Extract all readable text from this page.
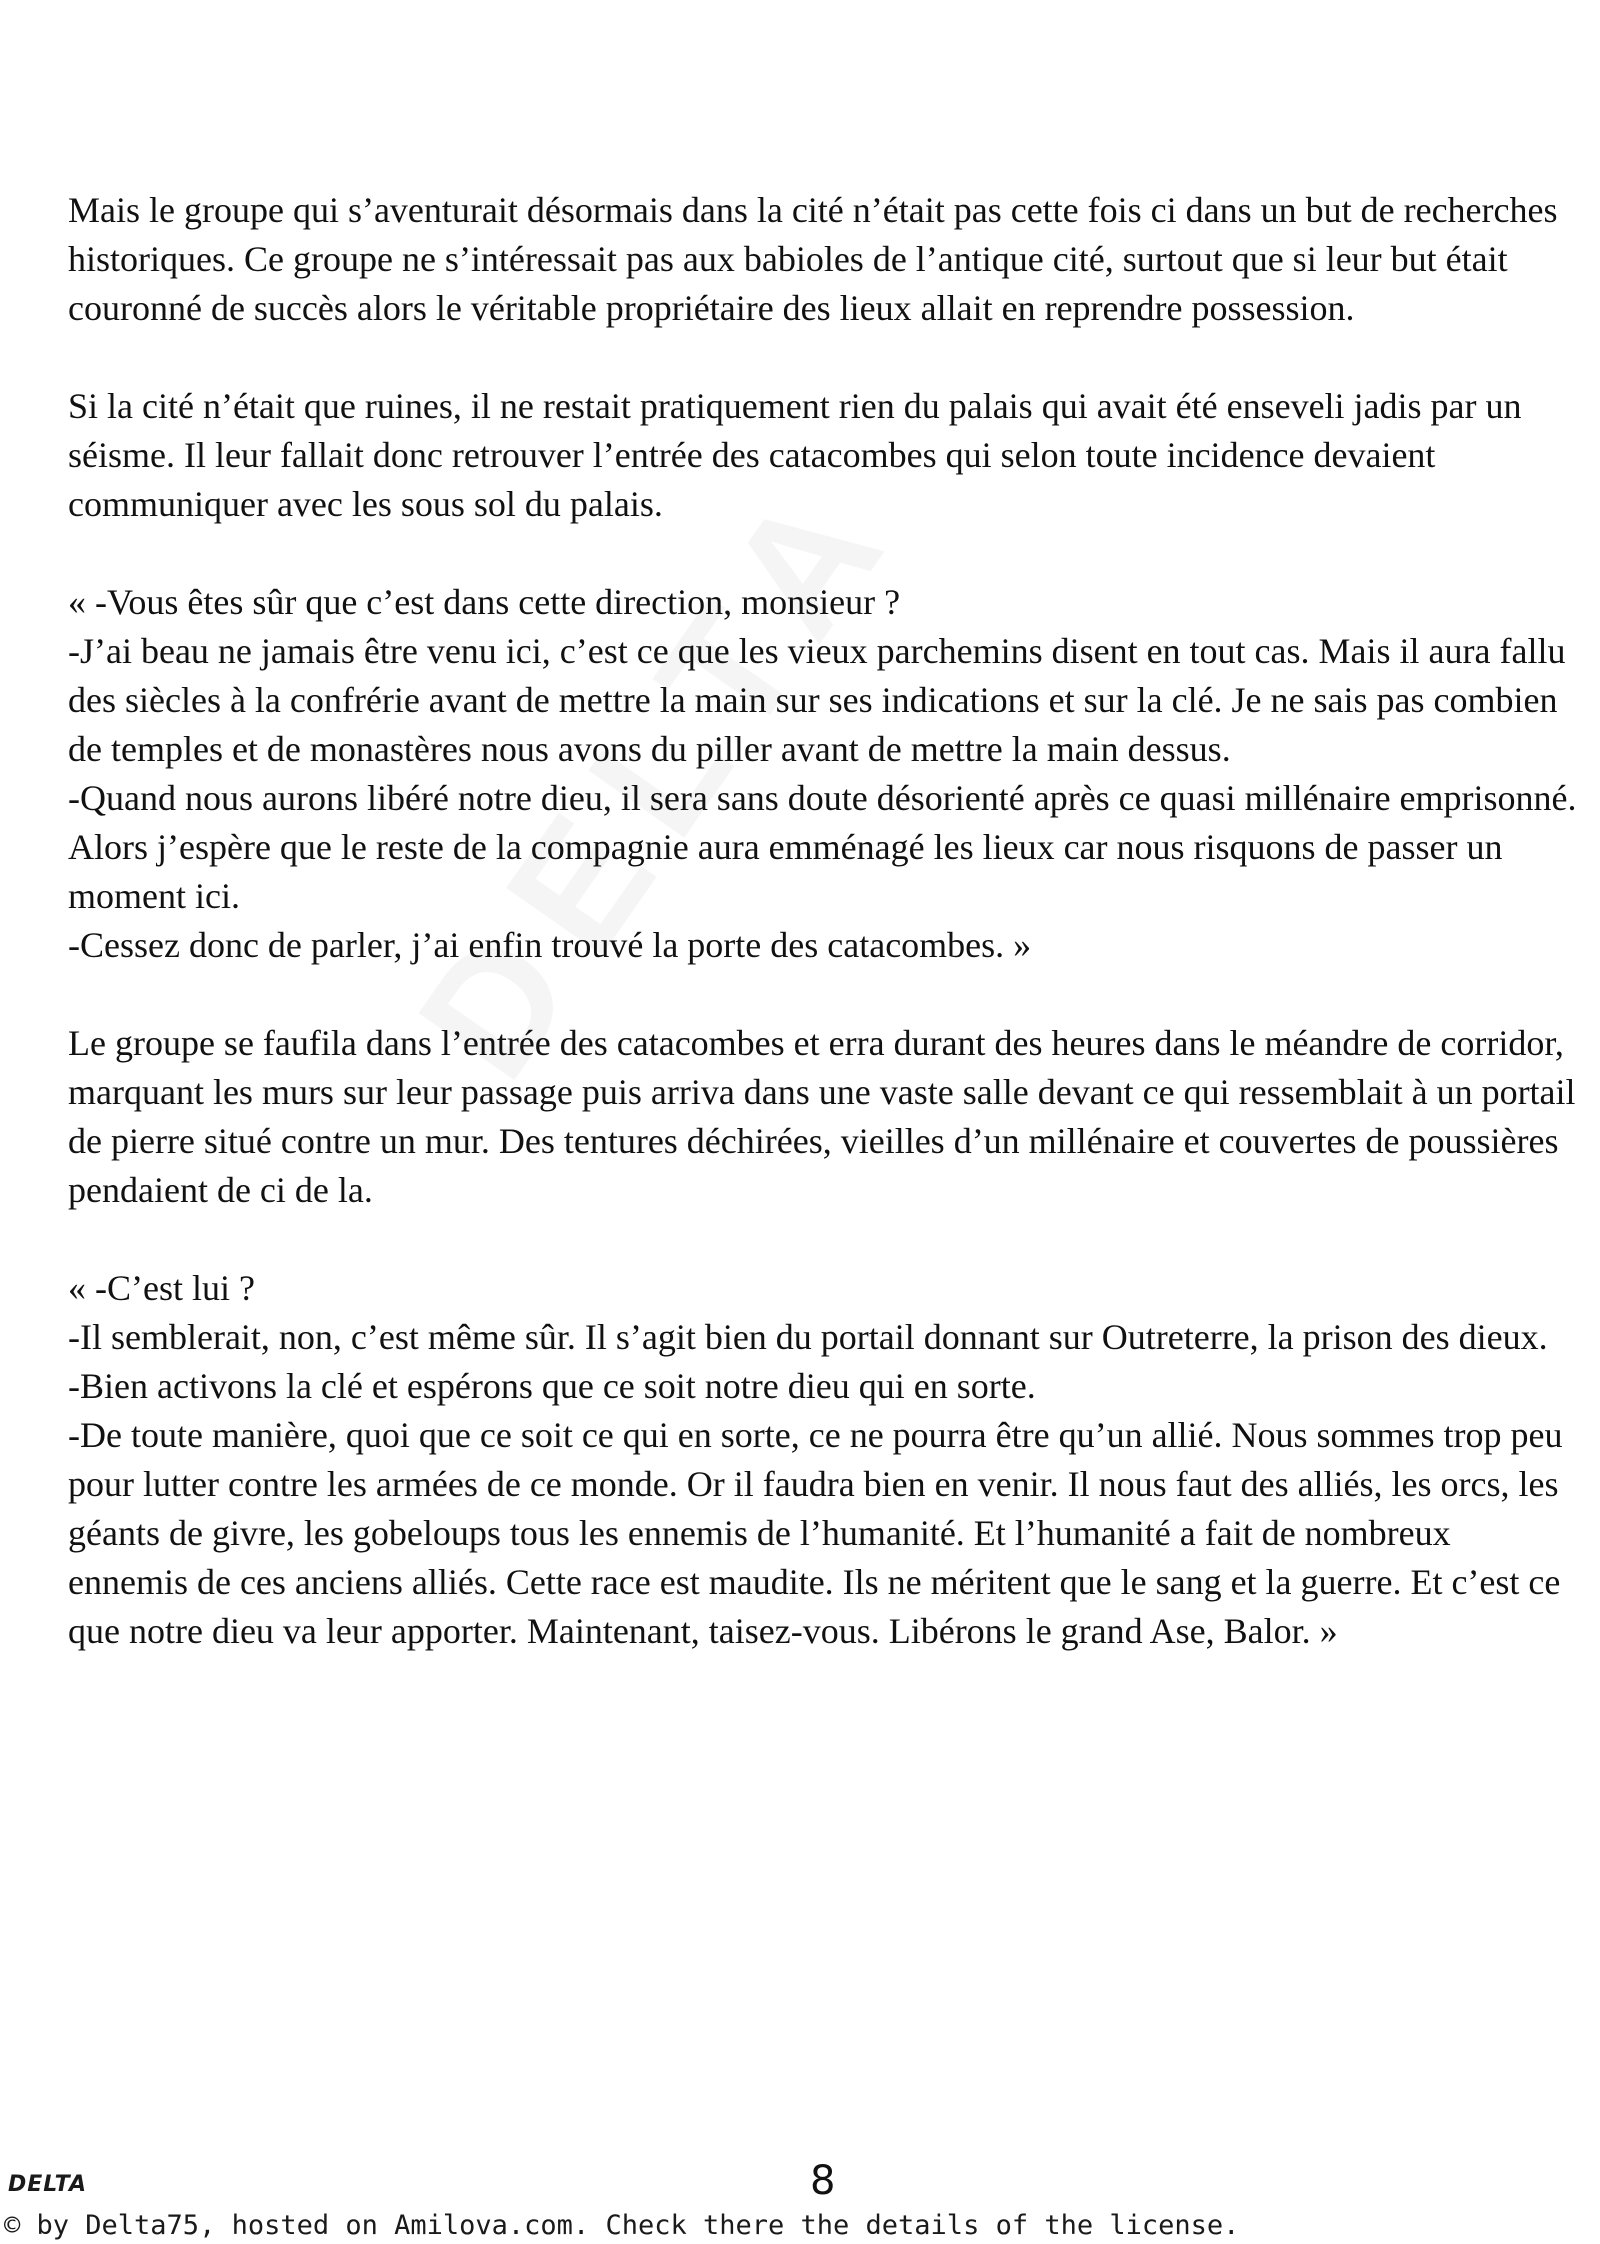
Mais le groupe qui s’aventurait désormais dans la cité n’était pas cette fois ci dans un but de recherches historiques. Ce groupe ne s’intéressait pas aux babioles de l’antique cité, surtout que si leur but était couronné de succès alors le véritable propriétaire des lieux allait en reprendre possession.

Si la cité n’était que ruines, il ne restait pratiquement rien du palais qui avait été enseveli jadis par un séisme. Il leur fallait donc retrouver l’entrée des catacombes qui selon toute incidence devaient communiquer avec les sous sol du palais.

« -Vous êtes sûr que c’est dans cette direction, monsieur ?

-J’ai beau ne jamais être venu ici, c’est ce que les vieux parchemins disent en tout cas. Mais il aura fallu des siècles à la confrérie avant de mettre la main sur ses indications et sur la clé. Je ne sais pas combien de temples et de monastères nous avons du piller avant de mettre la main dessus.

-Quand nous aurons libéré notre dieu, il sera sans doute désorienté après ce quasi millénaire emprisonné. Alors j’espère que le reste de la compagnie aura emménagé les lieux car nous risquons de passer un moment ici.

-Cessez donc de parler, j’ai enfin trouvé la porte des catacombes. »

Le groupe se faufila dans l’entrée des catacombes et erra durant des heures dans le méandre de corridor, marquant les murs sur leur passage puis arriva dans une vaste salle devant ce qui ressemblait à un portail de pierre situé contre un mur. Des tentures déchirées, vieilles d’un millénaire et couvertes de poussières pendaient de ci de la.

« -C’est lui ?

-Il semblerait, non, c’est même sûr. Il s’agit bien du portail donnant sur Outreterre, la prison des dieux.

-Bien activons la clé et espérons que ce soit notre dieu qui en sorte.

-De toute manière, quoi que ce soit ce qui en sorte, ce ne pourra être qu’un allié. Nous sommes trop peu pour lutter contre les armées de ce monde. Or il faudra bien en venir. Il nous faut des alliés, les orcs, les géants de givre, les gobeloups tous les ennemis de l’humanité. Et l’humanité a fait de nombreux ennemis de ces anciens alliés. Cette race est maudite. Ils ne méritent que le sang et la guerre. Et c’est ce que notre dieu va leur apporter. Maintenant, taisez-vous. Libérons le grand Ase, Balor. »

DELTA	8
© by Delta75, hosted on Amilova.com. Check there the details of the license.
